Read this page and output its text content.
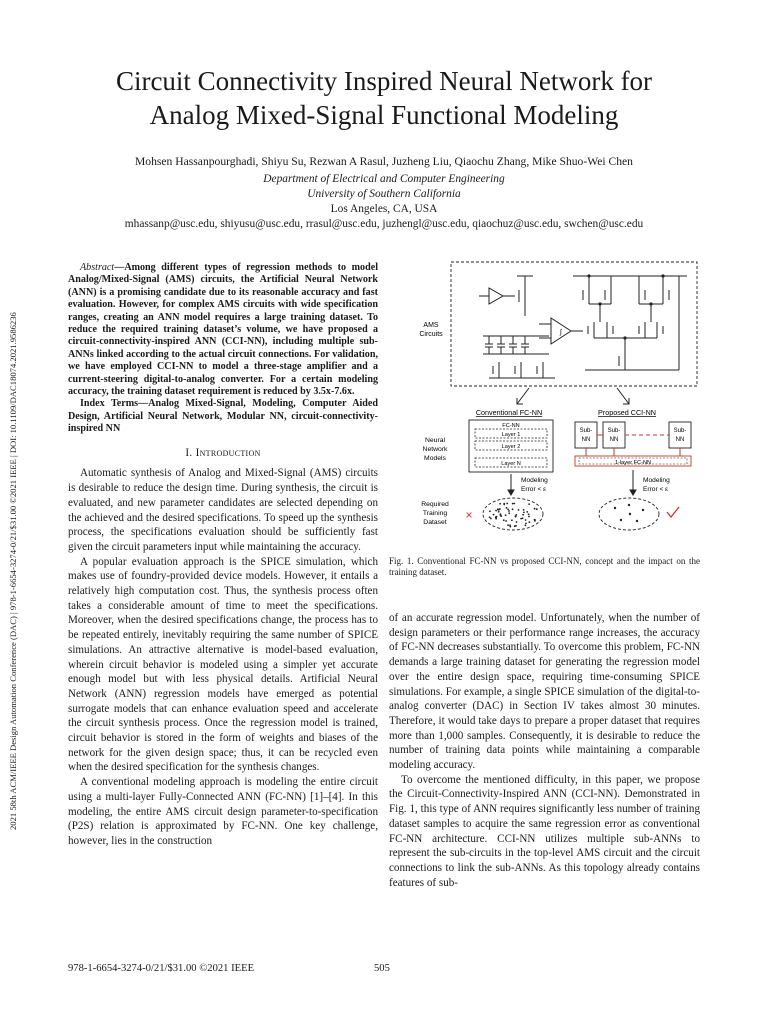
Circuit Connectivity Inspired Neural Network for
Analog Mixed-Signal Functional Modeling
Mohsen Hassanpourghadi, Shiyu Su, Rezwan A Rasul, Juzheng Liu, Qiaochu Zhang, Mike Shuo-Wei Chen
Department of Electrical and Computer Engineering
University of Southern California
Los Angeles, CA, USA
mhassanp@usc.edu, shiyusu@usc.edu, rrasul@usc.edu, juzhengl@usc.edu, qiaochuz@usc.edu, swchen@usc.edu
2021 58th ACM/IEEE Design Automation Conference (DAC) | 978-1-6654-3274-0/21/$31.00 ©2021 IEEE | DOI: 10.1109/DAC18074.2021.9586236
Abstract—Among different types of regression methods to model Analog/Mixed-Signal (AMS) circuits, the Artificial Neural Network (ANN) is a promising candidate due to its reasonable accuracy and fast evaluation. However, for complex AMS circuits with wide specification ranges, creating an ANN model requires a large training dataset. To reduce the required training dataset’s volume, we have proposed a circuit-connectivity-inspired ANN (CCI-NN), including multiple sub-ANNs linked according to the actual circuit connections. For validation, we have employed CCI-NN to model a three-stage amplifier and a current-steering digital-to-analog converter. For a certain modeling accuracy, the training dataset requirement is reduced by 3.5x-7.6x.
Index Terms—Analog Mixed-Signal, Modeling, Computer Aided Design, Artificial Neural Network, Modular NN, circuit-connectivity-inspired NN
I. Introduction

Automatic synthesis of Analog and Mixed-Signal (AMS) circuits is desirable to reduce the design time. During synthesis, the circuit is evaluated, and new parameter candidates are selected depending on the achieved and the desired specifications. To speed up the synthesis process, the specifications evaluation should be sufficiently fast given the circuit parameters input while maintaining the accuracy.

A popular evaluation approach is the SPICE simulation, which makes use of foundry-provided device models. However, it entails a relatively high computation cost. Thus, the synthesis process often takes a considerable amount of time to meet the specifications. Moreover, when the desired specifications change, the process has to be repeated entirely, inevitably requiring the same number of SPICE simulations. An attractive alternative is model-based evaluation, wherein circuit behavior is modeled using a simpler yet accurate enough model but with less physical details. Artificial Neural Network (ANN) regression models have emerged as potential surrogate models that can enhance evaluation speed and accelerate the circuit synthesis process. Once the regression model is trained, circuit behavior is stored in the form of weights and biases of the network for the given design space; thus, it can be recycled even when the desired specification for the synthesis changes.

A conventional modeling approach is modeling the entire circuit using a multi-layer Fully-Connected ANN (FC-NN) [1]–[4]. In this modeling, the entire AMS circuit design parameter-to-specification (P2S) relation is approximated by FC-NN. One key challenge, however, lies in the construction

AMS
Circuits	∫
Conventional FC-NN	Proposed CCI-NN
Neural
Network
Models
FC-NN
Layer 1
Layer 2
Layer N
Sub-
NN
Sub-
NN
Sub-
NN
1-layer FC-NN
Modeling
Error < ε
Modeling
Error < ε
Required
Training
Dataset
×
Fig. 1. Conventional FC-NN vs proposed CCI-NN, concept and the impact on the training dataset.

of an accurate regression model. Unfortunately, when the number of design parameters or their performance range increases, the accuracy of FC-NN decreases substantially. To overcome this problem, FC-NN demands a large training dataset for generating the regression model over the entire design space, requiring time-consuming SPICE simulations. For example, a single SPICE simulation of the digital-to-analog converter (DAC) in Section IV takes almost 30 minutes. Therefore, it would take days to prepare a proper dataset that requires more than 1,000 samples. Consequently, it is desirable to reduce the number of training data points while maintaining a comparable modeling accuracy.

To overcome the mentioned difficulty, in this paper, we propose the Circuit-Connectivity-Inspired ANN (CCI-NN). Demonstrated in Fig. 1, this type of ANN requires significantly less number of training dataset samples to acquire the same regression error as conventional FC-NN architecture. CCI-NN utilizes multiple sub-ANNs to represent the sub-circuits in the top-level AMS circuit and the circuit connections to link the sub-ANNs. As this topology already contains features of sub-

978-1-6654-3274-0/21/$31.00 ©2021 IEEE	505
